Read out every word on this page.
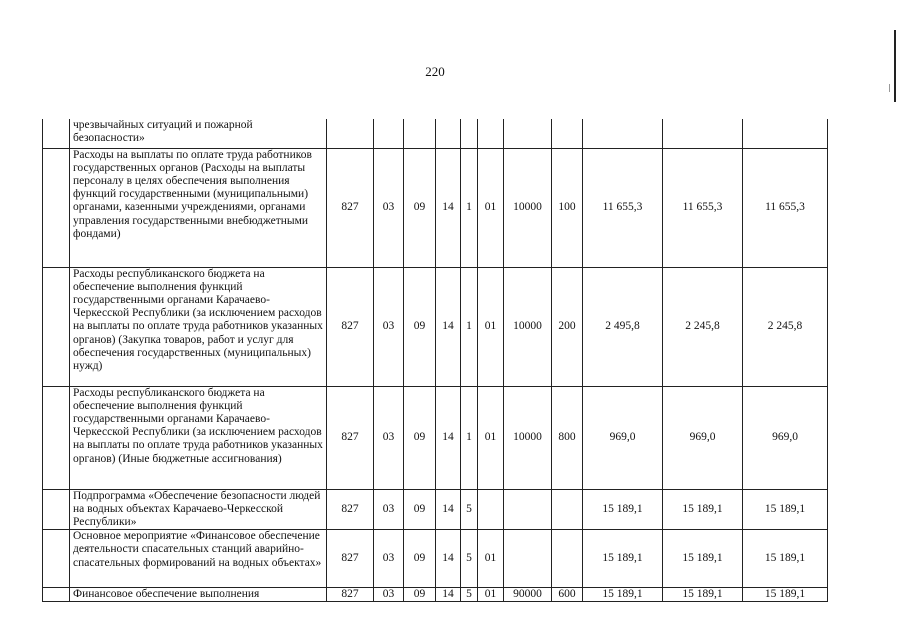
220
	чрезвычайных ситуаций и пожарной безопасности»											
	Расходы на выплаты по оплате труда работников государственных органов (Расходы на выплаты персоналу в целях обеспечения выполнения функций государственными (муниципальными) органами, казенными учреждениями, органами управления государственными внебюджетными фондами)	827	03	09	14	1	01	10000	100	11 655,3	11 655,3	11 655,3
	Расходы республиканского бюджета на обеспечение выполнения функций государственными органами Карачаево-Черкесской Республики (за исключением расходов на выплаты по оплате труда работников указанных органов) (Закупка товаров, работ и услуг для обеспечения государственных (муниципальных) нужд)	827	03	09	14	1	01	10000	200	2 495,8	2 245,8	2 245,8
	Расходы республиканского бюджета на обеспечение выполнения функций государственными органами Карачаево-Черкесской Республики (за исключением расходов на выплаты по оплате труда работников указанных органов) (Иные бюджетные ассигнования)	827	03	09	14	1	01	10000	800	969,0	969,0	969,0
	Подпрограмма «Обеспечение безопасности людей на водных объектах Карачаево-Черкесской Республики»	827	03	09	14	5				15 189,1	15 189,1	15 189,1
	Основное мероприятие «Финансовое обеспечение деятельности спасательных станций аварийно-спасательных формирований на водных объектах»	827	03	09	14	5	01			15 189,1	15 189,1	15 189,1
	Финансовое обеспечение выполнения	827	03	09	14	5	01	90000	600	15 189,1	15 189,1	15 189,1
